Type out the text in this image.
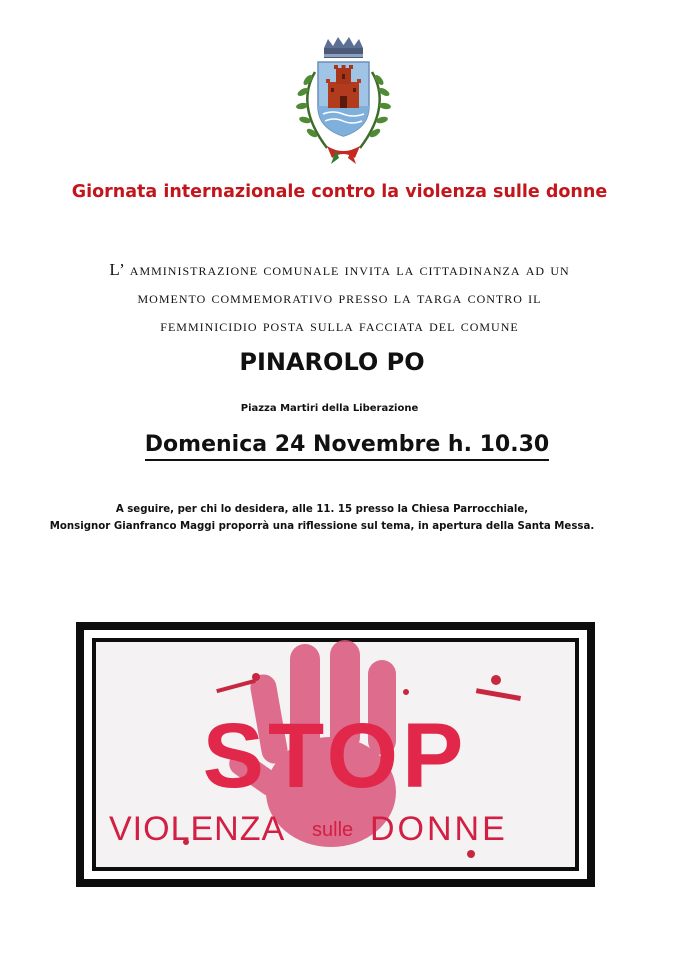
Giornata internazionale contro la violenza sulle donne
L’ amministrazione comunale invita la cittadinanza ad un
momento commemorativo presso la targa contro il
femminicidio posta sulla facciata del comune
PINAROLO PO
Piazza Martiri della Liberazione
Domenica 24 Novembre h. 10.30
A seguire, per chi lo desidera, alle 11. 15 presso la Chiesa Parrocchiale,
Monsignor Gianfranco Maggi proporrà una riflessione sul tema, in apertura della Santa Messa.
STOP
VIOLENZA sulle DONNE
